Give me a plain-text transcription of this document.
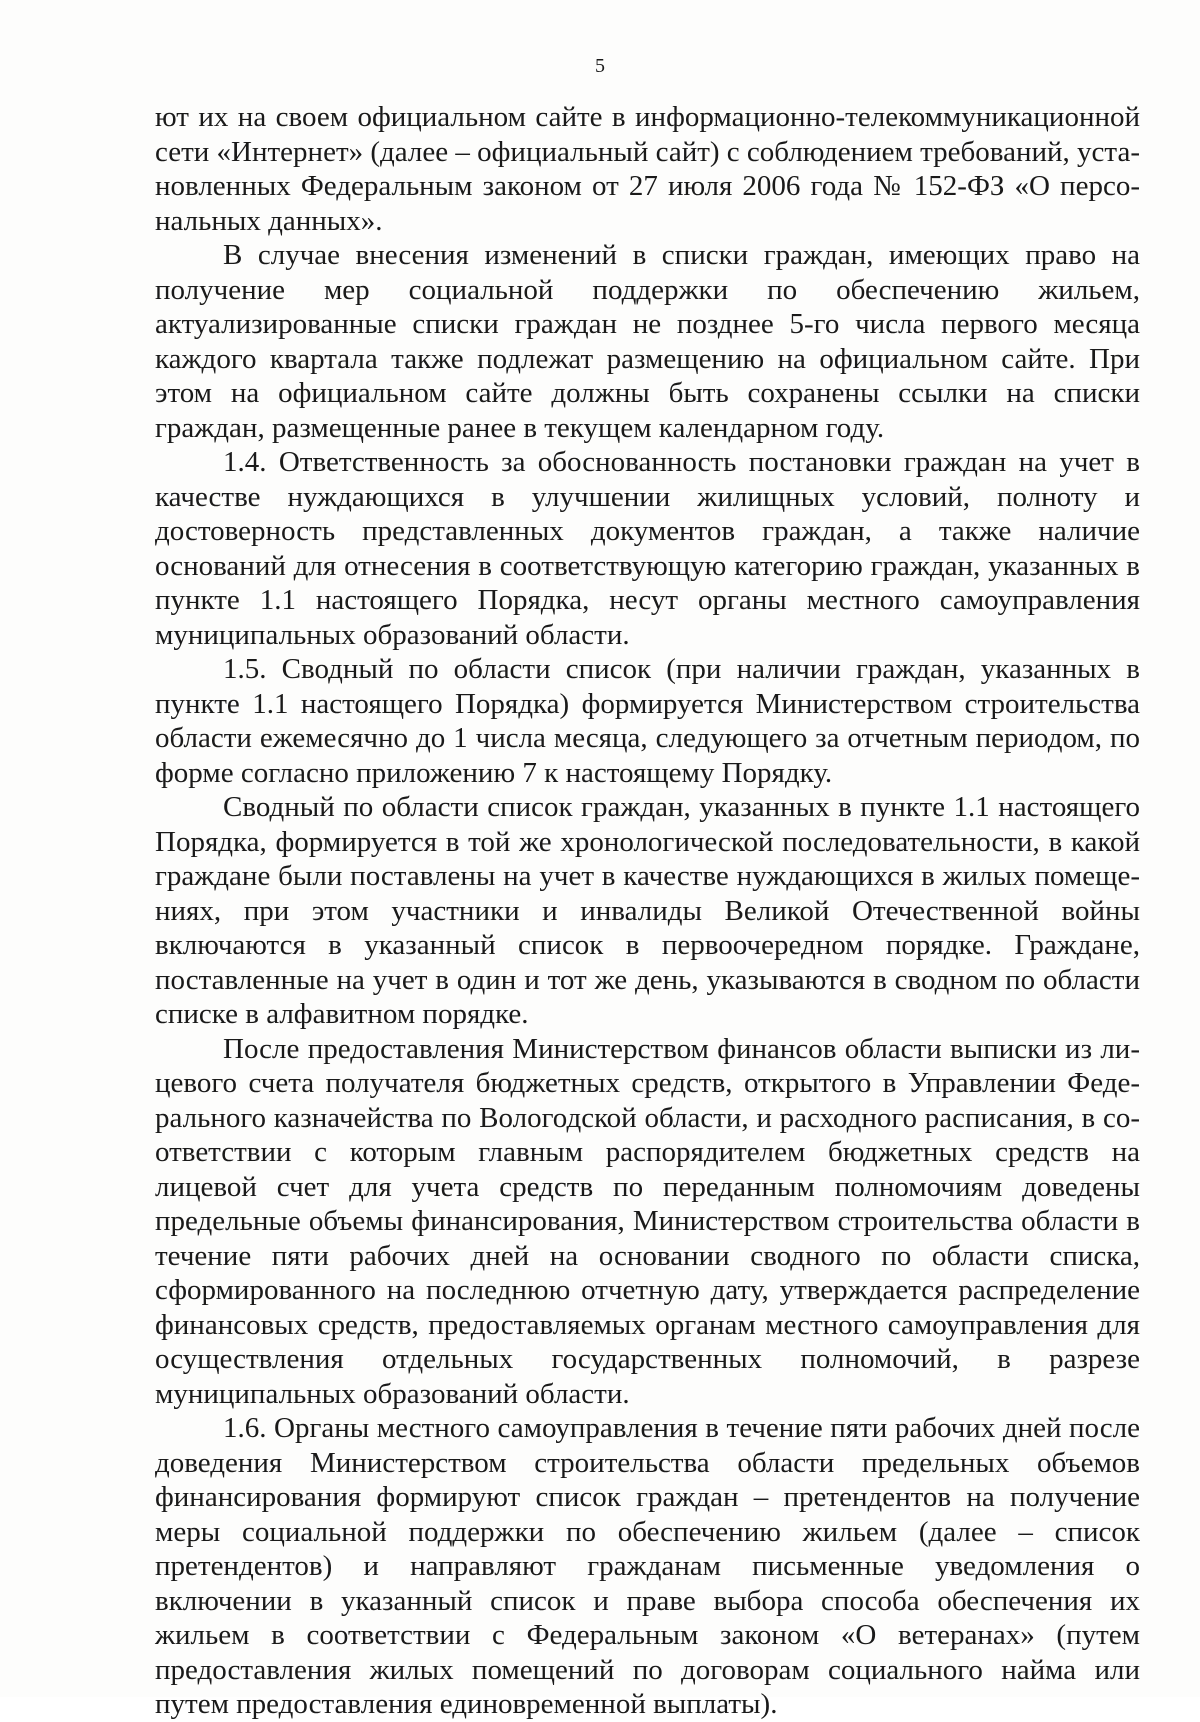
5

ют их на своем официальном сайте в информационно-телекоммуникационной сети «Интернет» (далее – официальный сайт) с соблюдением требований, установленных Федеральным законом от 27 июля 2006 года № 152-ФЗ «О персональных данных».

В случае внесения изменений в списки граждан, имеющих право на получение мер социальной поддержки по обеспечению жильем, актуализированные списки граждан не позднее 5-го числа первого месяца каждого квартала также подлежат размещению на официальном сайте. При этом на официальном сайте должны быть сохранены ссылки на списки граждан, размещенные ранее в текущем календарном году.

1.4. Ответственность за обоснованность постановки граждан на учет в качестве нуждающихся в улучшении жилищных условий, полноту и достоверность представленных документов граждан, а также наличие оснований для отнесения в соответствующую категорию граждан, указанных в пункте 1.1 настоящего Порядка, несут органы местного самоуправления муниципальных образований области.

1.5. Сводный по области список (при наличии граждан, указанных в пункте 1.1 настоящего Порядка) формируется Министерством строительства области ежемесячно до 1 числа месяца, следующего за отчетным периодом, по форме согласно приложению 7 к настоящему Порядку.

Сводный по области список граждан, указанных в пункте 1.1 настоящего Порядка, формируется в той же хронологической последовательности, в какой граждане были поставлены на учет в качестве нуждающихся в жилых помещениях, при этом участники и инвалиды Великой Отечественной войны включаются в указанный список в первоочередном порядке. Граждане, поставленные на учет в один и тот же день, указываются в сводном по области списке в алфавитном порядке.

После предоставления Министерством финансов области выписки из лицевого счета получателя бюджетных средств, открытого в Управлении Федерального казначейства по Вологодской области, и расходного расписания, в соответствии с которым главным распорядителем бюджетных средств на лицевой счет для учета средств по переданным полномочиям доведены предельные объемы финансирования, Министерством строительства области в течение пяти рабочих дней на основании сводного по области списка, сформированного на последнюю отчетную дату, утверждается распределение финансовых средств, предоставляемых органам местного самоуправления для осуществления отдельных государственных полномочий, в разрезе муниципальных образований области.

1.6. Органы местного самоуправления в течение пяти рабочих дней после доведения Министерством строительства области предельных объемов финансирования формируют список граждан – претендентов на получение меры социальной поддержки по обеспечению жильем (далее – список претендентов) и направляют гражданам письменные уведомления о включении в указанный список и праве выбора способа обеспечения их жильем в соответствии с Федеральным законом «О ветеранах» (путем предоставления жилых помещений по договорам социального найма или путем предоставления единовременной выплаты).
